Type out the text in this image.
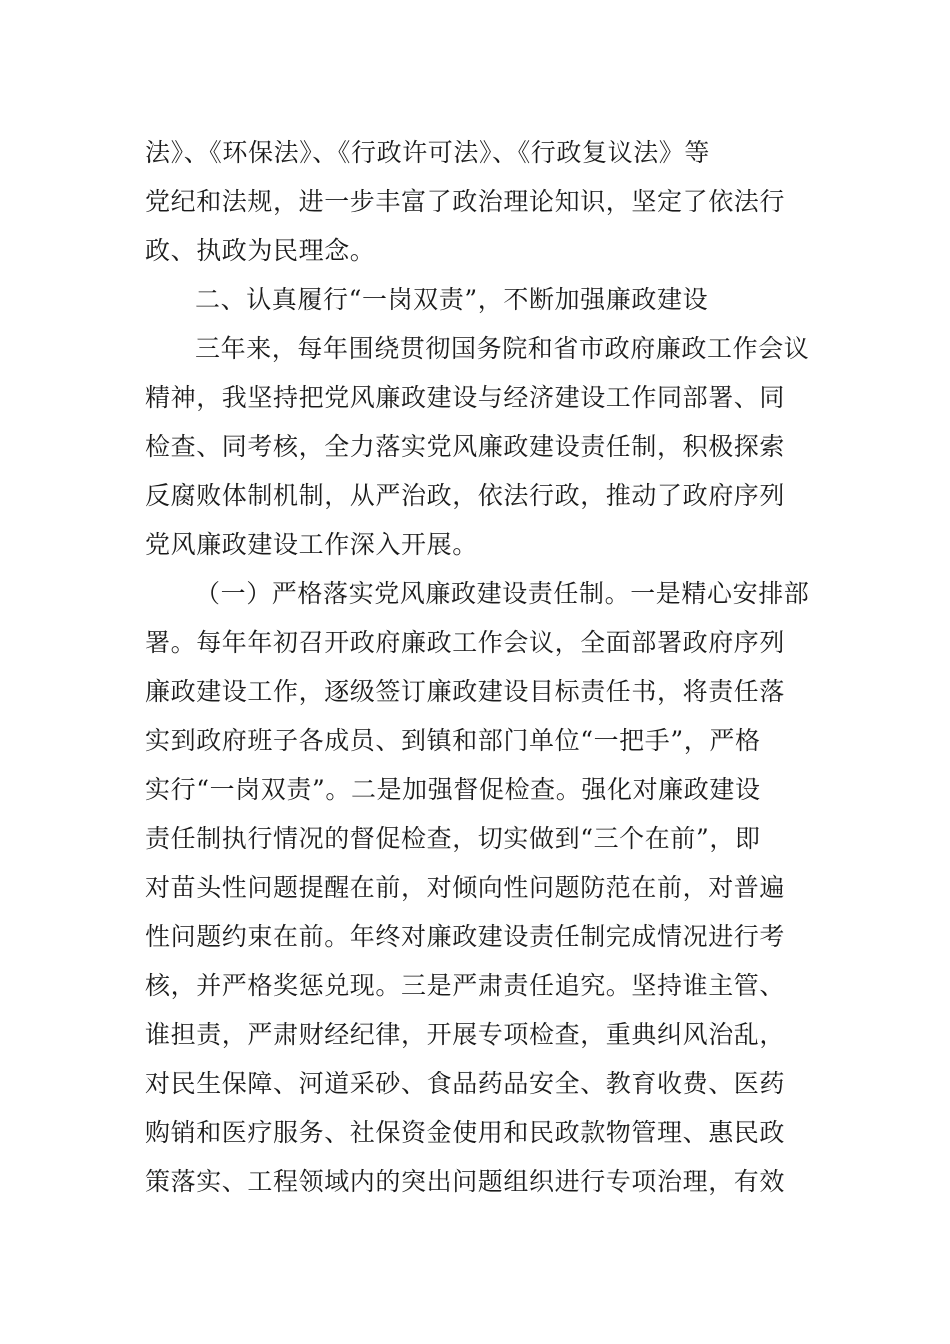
法》、《环保法》、《行政许可法》、《行政复议法》等
党纪和法规，进一步丰富了政治理论知识，坚定了依法行
政、执政为民理念。
二、认真履行“一岗双责”，不断加强廉政建设
三年来，每年围绕贯彻国务院和省市政府廉政工作会议
精神，我坚持把党风廉政建设与经济建设工作同部署、同
检查、同考核，全力落实党风廉政建设责任制，积极探索
反腐败体制机制，从严治政，依法行政，推动了政府序列
党风廉政建设工作深入开展。
（一）严格落实党风廉政建设责任制。一是精心安排部
署。每年年初召开政府廉政工作会议，全面部署政府序列
廉政建设工作，逐级签订廉政建设目标责任书，将责任落
实到政府班子各成员、到镇和部门单位“一把手”，严格
实行“一岗双责”。二是加强督促检查。强化对廉政建设
责任制执行情况的督促检查，切实做到“三个在前”，即
对苗头性问题提醒在前，对倾向性问题防范在前，对普遍
性问题约束在前。年终对廉政建设责任制完成情况进行考
核，并严格奖惩兑现。三是严肃责任追究。坚持谁主管、
谁担责，严肃财经纪律，开展专项检查，重典纠风治乱，
对民生保障、河道采砂、食品药品安全、教育收费、医药
购销和医疗服务、社保资金使用和民政款物管理、惠民政
策落实、工程领域内的突出问题组织进行专项治理，有效
